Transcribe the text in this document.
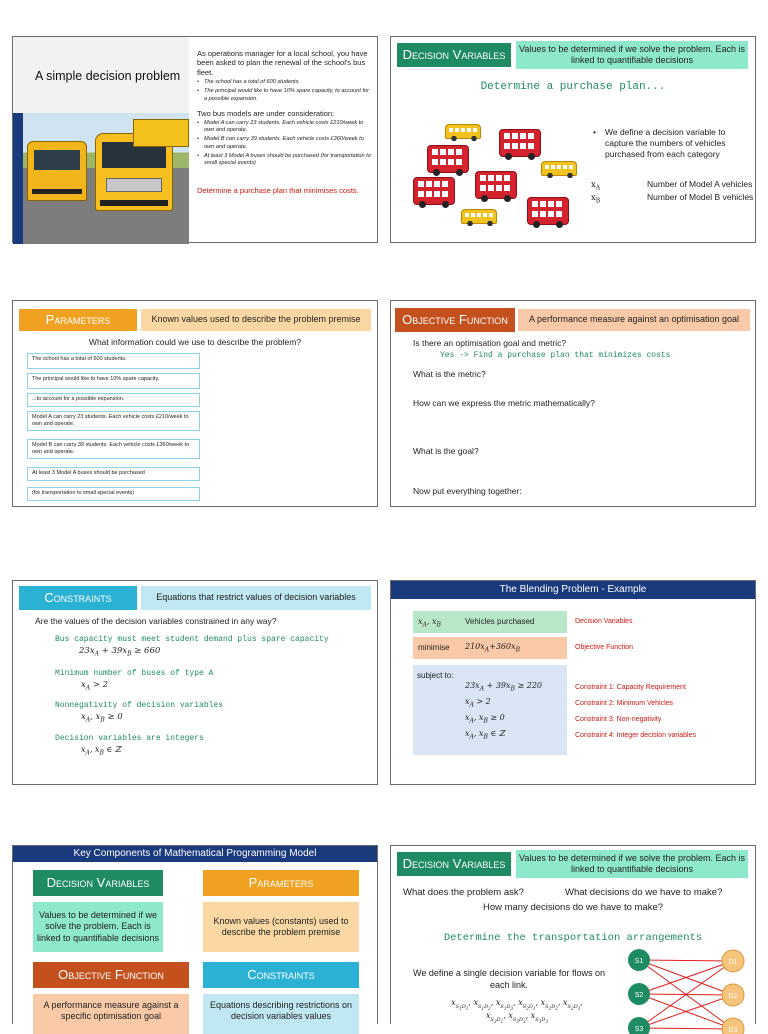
A simple decision problem
As operations manager for a local school, you have been asked to plan the renewal of the school's bus fleet.
• The school has a total of 600 students.
• The principal would like to have 10% spare capacity, to account for a possible expansion.
Two bus models are under consideration:
• Model A can carry 23 students. Each vehicle costs £210/week to own and operate.
• Model B can carry 39 students. Each vehicle costs £360/week to own and operate.
• At least 3 Model A buses should be purchased (for transportation to small special events)
Determine a purchase plan that minimises costs.
Decision Variables	Values to be determined if we solve the problem. Each is linked to quantifiable decisions
Determine a purchase plan...
• We define a decision variable to capture the numbers of vehicles purchased from each category
$x_A$	Number of Model A vehicles
$x_B$	Number of Model B vehicles
Parameters	Known values used to describe the problem premise
What information could we use to describe the problem?
The school has a total of 600 students.
The principal would like to have 10% spare capacity,
...to account for a possible expansion.
Model A can carry 23 students. Each vehicle costs £210/week to own and operate.
Model B can carry 39 students. Each vehicle costs £360/week to own and operate.
At least 3 Model A buses should be purchased
(for transportation to small special events)
Objective Function	A performance measure against an optimisation goal
Is there an optimisation goal and metric?
Yes -> Find a purchase plan that minimizes costs
What is the metric?
How can we express the metric mathematically?
What is the goal?
Now put everything together:
Constraints	Equations that restrict values of decision variables
Are the values of the decision variables constrained in any way?
Bus capacity must meet student demand plus spare capacity
$23x_A + 39x_B \ge 660$
Minimum number of buses of type A
$x_A > 2$
Nonnegativity of decision variables
$x_A$, $x_B \ge 0$
Decision variables are integers
$x_A$, $x_B$ ∈ ℤ
The Blending Problem - Example
$x_A$, $x_B$	Vehicles purchased	Decision Variables
minimise $210x_A+360x_B$	Objective Function
subject to:
$23x_A + 39x_B \ge 220$
$x_A > 2$
$x_A$, $x_B \ge 0$
$x_A$, $x_B$ ∈ ℤ
Constraint 1: Capacity Requirement
Constraint 2: Minimum Vehicles
Constraint 3: Non-negativity
Constraint 4: Integer decision variables
Key Components of Mathematical Programming Model
Decision Variables
Values to be determined if we solve the problem. Each is linked to quantifiable decisions
Parameters
Known values (constants) used to describe the problem premise
Objective Function
A performance measure against a specific optimisation goal
Constraints
Equations describing restrictions on decision variables values
Decision Variables	Values to be determined if we solve the problem. Each is linked to quantifiable decisions
What does the problem ask?	What decisions do we have to make?
How many decisions do we have to make?
Determine the transportation arrangements
We define a single decision variable for flows on each link.
$x_{S_1D_1}$, $x_{S_1D_2}$, $x_{S_1D_3}$, $x_{S_2D_1}$, $x_{S_2D_2}$, $x_{S_2D_3}$,
$x_{S_3D_1}$, $x_{S_3D_2}$, $x_{S_3D_3}$
S1
S2
S3
D1
D2
D3
